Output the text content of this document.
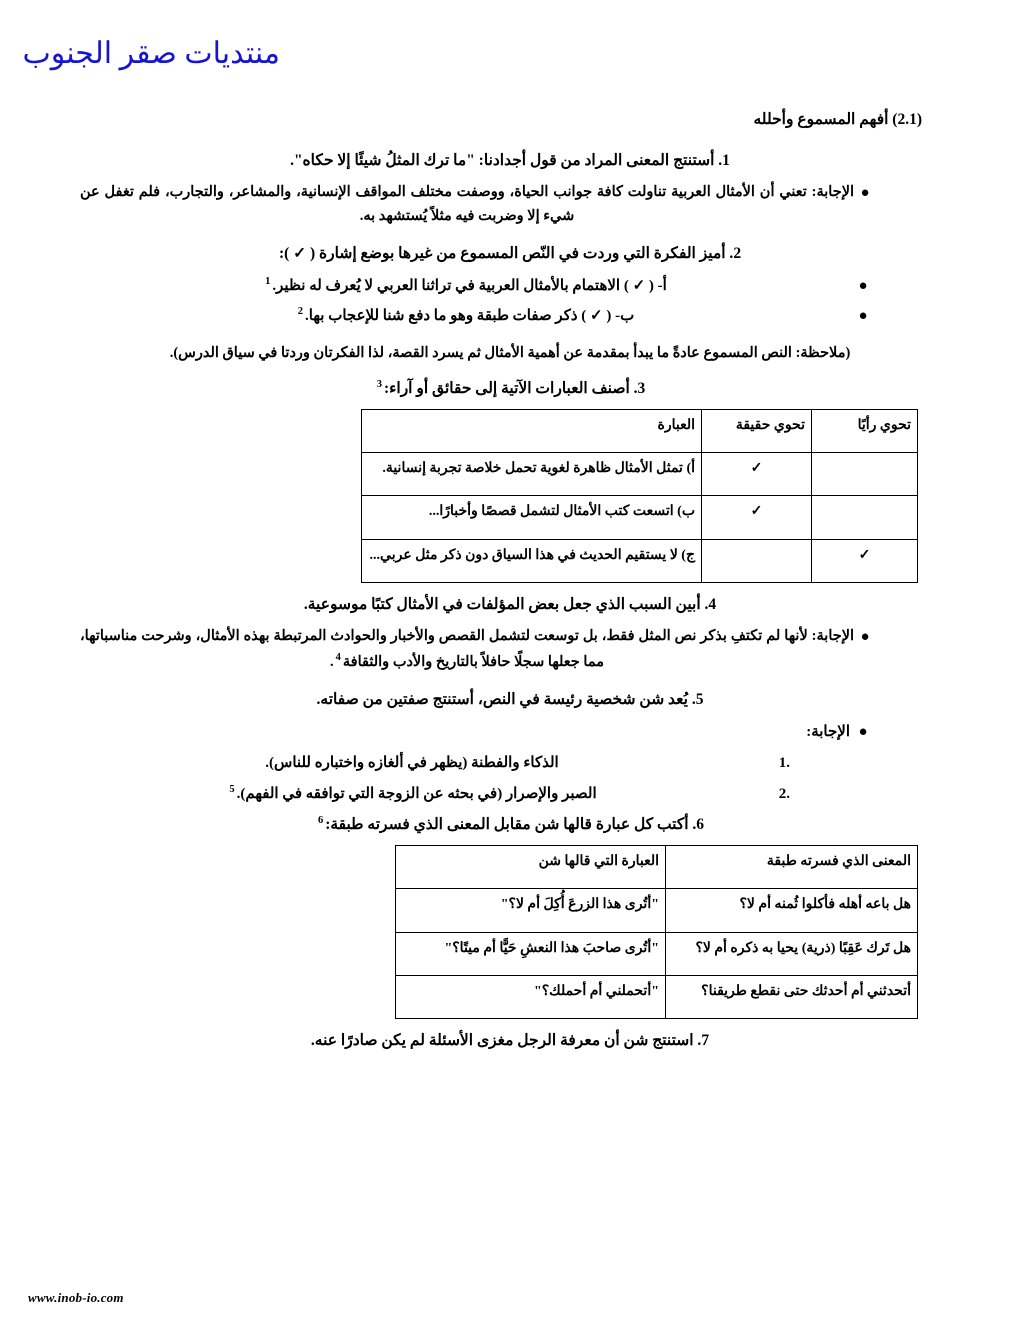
منتديات صقر الجنوب

(2.1) أفهم المسموع وأحلله

1. أستنتج المعنى المراد من قول أجدادنا: "ما ترك المثلُ شيئًا إلا حكاه".

●
الإجابة: تعني أن الأمثال العربية تناولت كافة جوانب الحياة، ووصفت مختلف المواقف الإنسانية، والمشاعر، والتجارب، فلم تغفل عن شيء إلا وضربت فيه مثلاً يُستشهد به.

2. أميز الفكرة التي وردت في النّص المسموع من غيرها بوضع إشارة ( ✓ ):

●
أ- ( ✓ ) الاهتمام بالأمثال العربية في تراثنا العربي لا يُعرف له نظير.$^1$
●
ب- ( ✓ ) ذكر صفات طبقة وهو ما دفع شنا للإعجاب بها.$^2$

(ملاحظة: النص المسموع عادةً ما يبدأ بمقدمة عن أهمية الأمثال ثم يسرد القصة، لذا الفكرتان وردتا في سياق الدرس).

3. أصنف العبارات الآتية إلى حقائق أو آراء:$^3$

تحوي رأيًا	تحوي حقيقة	العبارة
	✓	أ) تمثل الأمثال ظاهرة لغوية تحمل خلاصة تجربة إنسانية.
	✓	ب) اتسعت كتب الأمثال لتشمل قصصًا وأخبارًا...
✓		ج) لا يستقيم الحديث في هذا السياق دون ذكر مثل عربي...

4. أبين السبب الذي جعل بعض المؤلفات في الأمثال كتبًا موسوعية.

●
الإجابة: لأنها لم تكتفِ بذكر نص المثل فقط، بل توسعت لتشمل القصص والأخبار والحوادث المرتبطة بهذه الأمثال، وشرحت مناسباتها، مما جعلها سجلًا حافلاً بالتاريخ والأدب والثقافة$^4$.

5. يُعد شن شخصية رئيسة في النص، أستنتج صفتين من صفاته.

●
الإجابة:
1.
الذكاء والفطنة (يظهر في ألغازه واختباره للناس).
2.
الصبر والإصرار (في بحثه عن الزوجة التي توافقه في الفهم).$^5$

6. أكتب كل عبارة قالها شن مقابل المعنى الذي فسرته طبقة:$^6$

المعنى الذي فسرته طبقة	العبارة التي قالها شن
هل باعه أهله فأكلوا ثُمنه أم لا؟	"أتُرى هذا الزرعَ أُكِلَ أم لا؟"
هل تَرك عَقِبًا (ذرية) يحيا به ذكره أم لا؟	"أتُرى صاحبَ هذا النعشِ حَيًّا أم ميتًا؟"
أتحدثني أم أحدثك حتى نقطع طريقنا؟	"أتحملني أم أحملك؟"

7. استنتج شن أن معرفة الرجل مغزى الأسئلة لم يكن صادرًا عنه.

www.inob-io.com
